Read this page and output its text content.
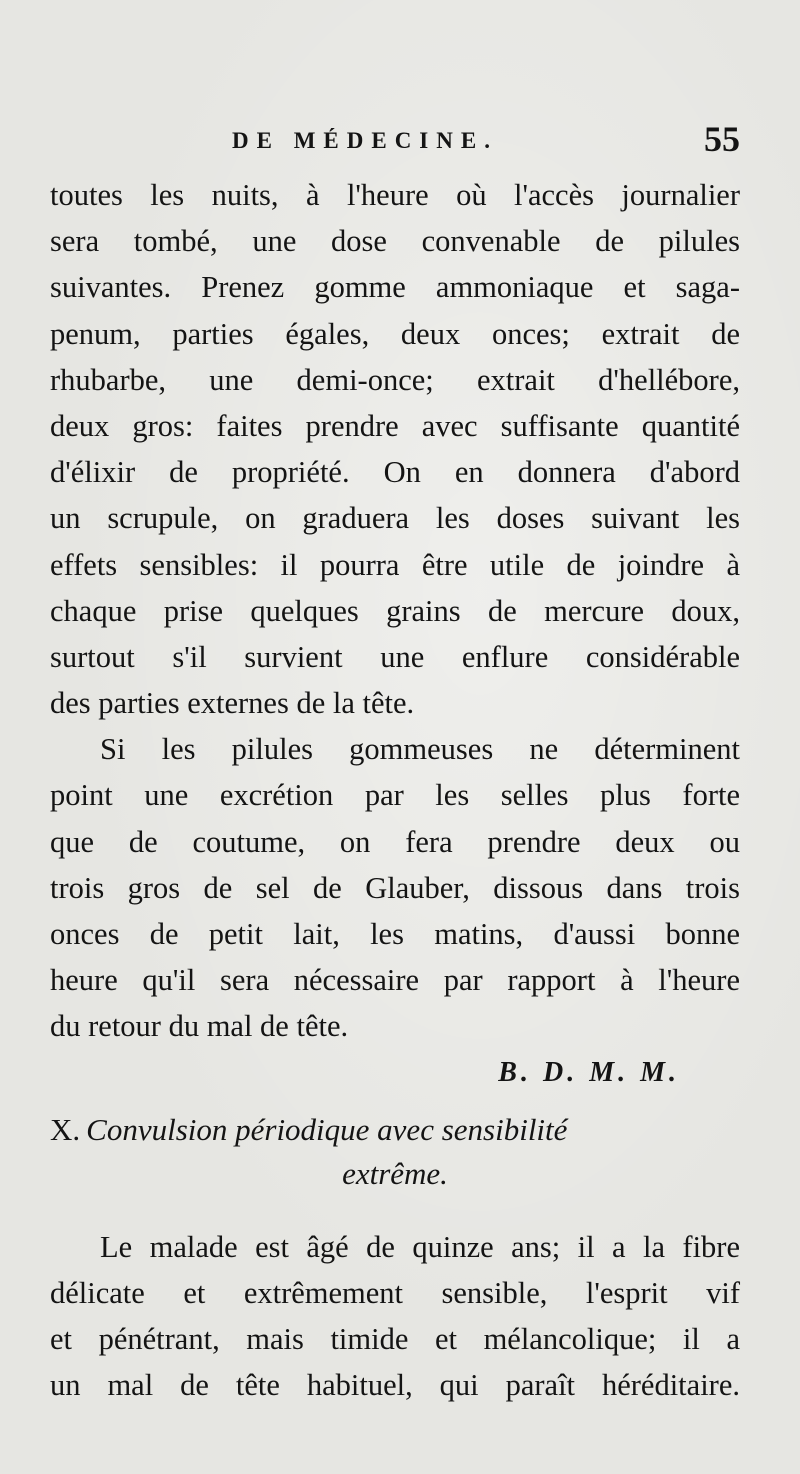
DE MÉDECINE.	55
toutes les nuits, à l'heure où l'accès journalier
sera tombé, une dose convenable de pilules
suivantes. Prenez gomme ammoniaque et saga-
penum, parties égales, deux onces; extrait de
rhubarbe, une demi-once; extrait d'hellébore,
deux gros: faites prendre avec suffisante quantité
d'élixir de propriété. On en donnera d'abord
un scrupule, on graduera les doses suivant les
effets sensibles: il pourra être utile de joindre à
chaque prise quelques grains de mercure doux,
surtout s'il survient une enflure considérable
des parties externes de la tête.
Si les pilules gommeuses ne déterminent
point une excrétion par les selles plus forte
que de coutume, on fera prendre deux ou
trois gros de sel de Glauber, dissous dans trois
onces de petit lait, les matins, d'aussi bonne
heure qu'il sera nécessaire par rapport à l'heure
du retour du mal de tête.
B. D. M. M.
X. Convulsion périodique avec sensibilité
extrême.
Le malade est âgé de quinze ans; il a la fibre
délicate et extrêmement sensible, l'esprit vif
et pénétrant, mais timide et mélancolique; il a
un mal de tête habituel, qui paraît héréditaire.
